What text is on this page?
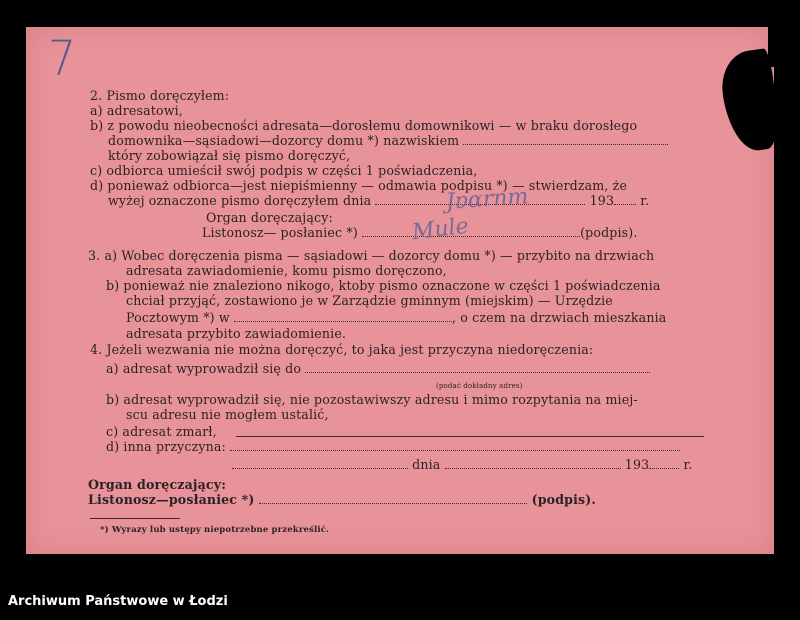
7
2. Pismo doręczyłem:
a) adresatowi,
b) z powodu nieobecności adresata—dorosłemu domownikowi — w braku dorosłego
domownika—sąsiadowi—dozorcy domu *) nazwiskiem
który zobowiązał się pismo doręczyć,
c) odbiorca umieścił swój podpis w części 1 poświadczenia,
d) ponieważ odbiorca—jest niepiśmienny — odmawia podpisu *) — stwierdzam, że
wyżej oznaczone pismo doręczyłem dnia	193 r.
Organ doręczający:
Listonosz— posłaniec *)	(podpis).
Jɐɑrnm
Mule
3. a) Wobec doręczenia pisma — sąsiadowi — dozorcy domu *) — przybito na drzwiach
adresata zawiadomienie, komu pismo doręczono,
b) ponieważ nie znaleziono nikogo, ktoby pismo oznaczone w części 1 poświadczenia
chciał przyjąć, zostawiono je w Zarządzie gminnym (miejskim) — Urzędzie
Pocztowym *) w	, o czem na drzwiach mieszkania
adresata przybito zawiadomienie.
4. Jeżeli wezwania nie można doręczyć, to jaka jest przyczyna niedoręczenia:
a) adresat wyprowadził się do
(podać dokładny adres)
b) adresat wyprowadził się, nie pozostawiwszy adresu i mimo rozpytania na miej-
scu adresu nie mogłem ustalić,
c) adresat zmarł,
d) inna przyczyna:
dnia	193	r.
Organ doręczający:
Listonosz—posłaniec *)	(podpis).
*) Wyrazy lub ustępy niepotrzebne przekreślić.
Archiwum Państwowe w Łodzi
